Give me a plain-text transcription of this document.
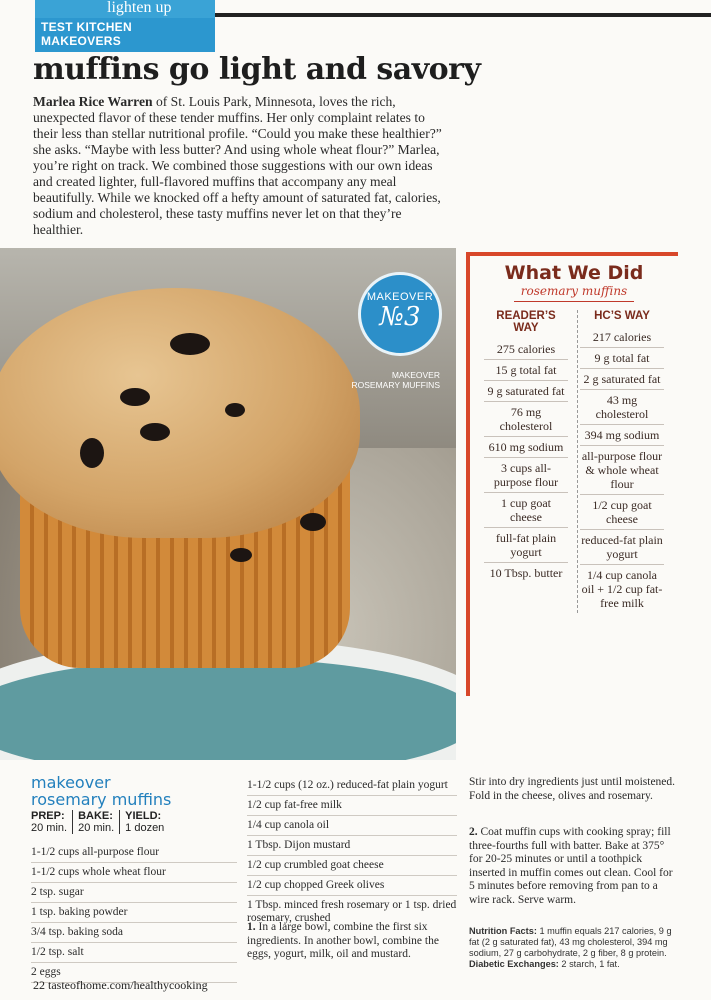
lighten up
TEST KITCHEN MAKEOVERS
muffins go light and savory

Marlea Rice Warren of St. Louis Park, Minnesota, loves the rich, unexpected flavor of these tender muffins. Her only complaint relates to their less than stellar nutritional profile. “Could you make these healthier?” she asks. “Maybe with less butter? And using whole wheat flour?” Marlea, you’re right on track. We combined those suggestions with our own ideas and created lighter, full-flavored muffins that accompany any meal beautifully. While we knocked off a hefty amount of saturated fat, calories, sodium and cholesterol, these tasty muffins never let on that they’re healthier.

MAKEOVER
№3
MAKEOVER ROSEMARY MUFFINS
What We Did
rosemary muffins
READER’S WAY
275 calories
15 g total fat
9 g saturated fat
76 mg cholesterol
610 mg sodium
3 cups all-purpose flour
1 cup goat cheese
full-fat plain yogurt
10 Tbsp. butter
HC’S WAY
217 calories
9 g total fat
2 g saturated fat
43 mg cholesterol
394 mg sodium
all-purpose flour & whole wheat flour
1/2 cup goat cheese
reduced-fat plain yogurt
1/4 cup canola oil + 1/2 cup fat-free milk
makeover
rosemary muffins
PREP:
20 min.
BAKE:
20 min.
YIELD:
1 dozen
1-1/2 cups all-purpose flour
1-1/2 cups whole wheat flour
2 tsp. sugar
1 tsp. baking powder
3/4 tsp. baking soda
1/2 tsp. salt
2 eggs
1-1/2 cups (12 oz.) reduced-fat plain yogurt
1/2 cup fat-free milk
1/4 cup canola oil
1 Tbsp. Dijon mustard
1/2 cup crumbled goat cheese
1/2 cup chopped Greek olives
1 Tbsp. minced fresh rosemary or 1 tsp. dried rosemary, crushed

1. In a large bowl, combine the first six ingredients. In another bowl, combine the eggs, yogurt, milk, oil and mustard.

Stir into dry ingredients just until moistened. Fold in the cheese, olives and rosemary.

2. Coat muffin cups with cooking spray; fill three-fourths full with batter. Bake at 375° for 20-25 minutes or until a toothpick inserted in muffin comes out clean. Cool for 5 minutes before removing from pan to a wire rack. Serve warm.

Nutrition Facts: 1 muffin equals 217 calories, 9 g fat (2 g saturated fat), 43 mg cholesterol, 394 mg sodium, 27 g carbohydrate, 2 g fiber, 8 g protein. Diabetic Exchanges: 2 starch, 1 fat.

22 tasteofhome.com/healthycooking
